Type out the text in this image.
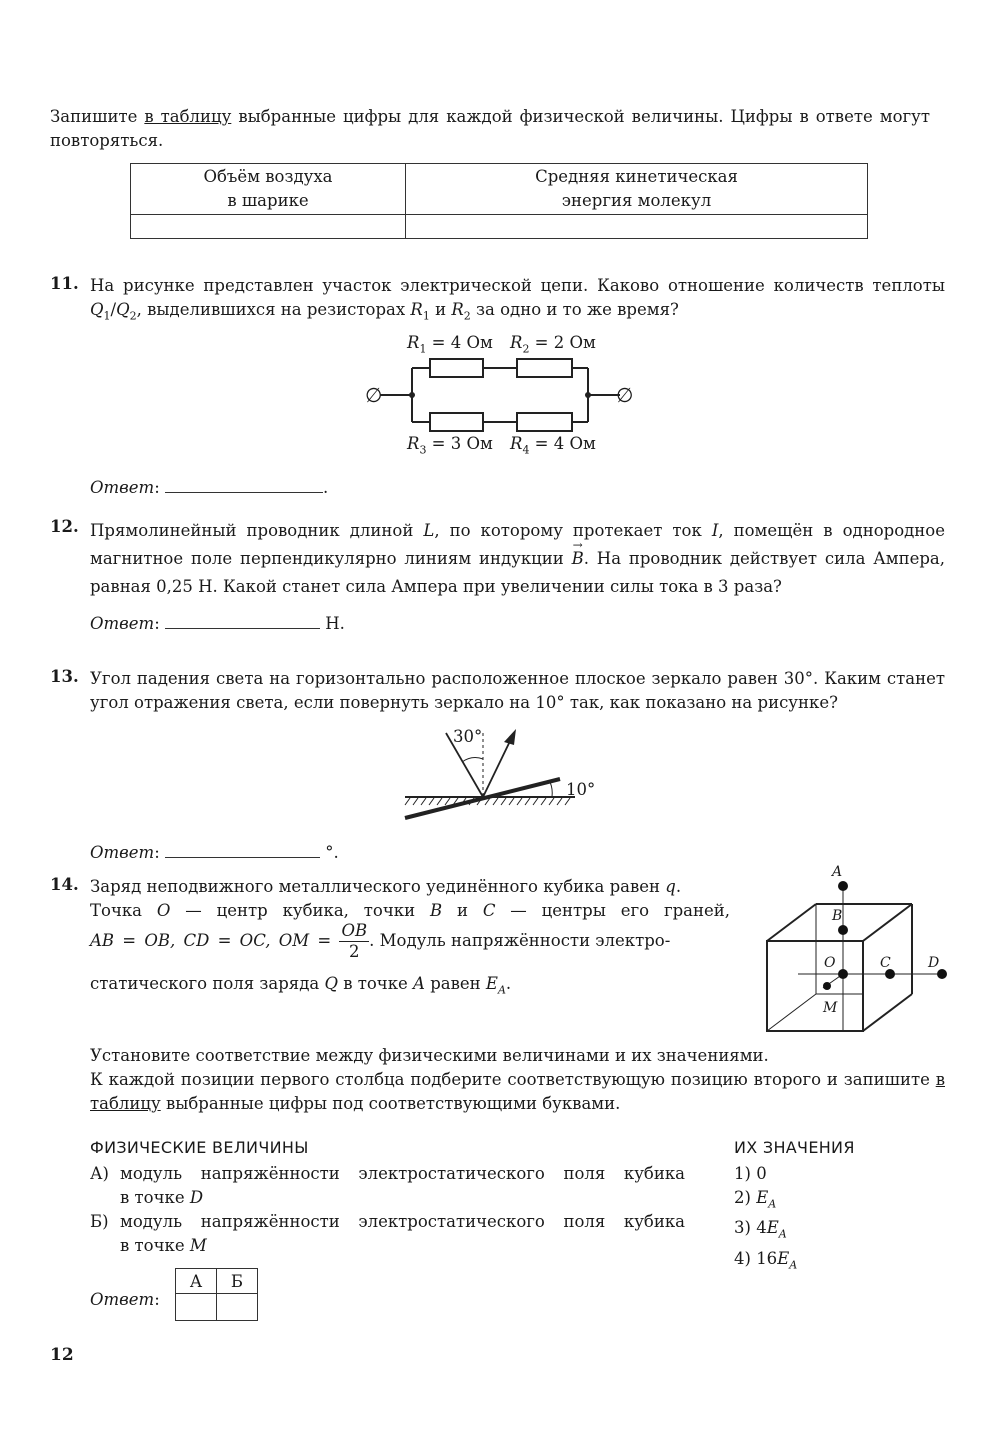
Запишите в таблицу выбранные цифры для каждой физической величины. Цифры в ответе могут повторяться.
Объём воздуха
в шарике	Средняя кинетическая
энергия молекул

11. На рисунке представлен участок электрической цепи. Каково отношение количеств теплоты $Q_1/Q_2$, выделившихся на резисторах $R_1$ и $R_2$ за одно и то же время?
$R_1 = 4$ Ом $R_2 = 2$ Ом
$R_3 = 3$ Ом $R_4 = 4$ Ом
∅	∅
Ответ:	.
12. Прямолинейный проводник длиной L, по которому протекает ток I, помещён в однородное магнитное поле перпендикулярно линиям индукции
→
B. На проводник действует сила Ампера, равная 0,25 Н. Какой станет сила Ампера при увеличении силы тока в 3 раза?
Ответ:	Н.
13. Угол падения света на горизонтально расположенное плоское зеркало равен 30°. Каким станет угол отражения света, если повернуть зеркало на 10° так, как показано на рисунке?
30°
10°
Ответ:	°.
14. Заряд неподвижного металлического уединённого кубика равен q.
Точка O — центр кубика, точки B и C — центры его граней,
AB = OB, CD = OC, OM = $\frac{OB}{2}$ . Модуль напряжённости электро-
статического поля заряда Q в точке A равен $E_A$.
A
B
O	C	D
M
Установите соответствие между физическими величинами и их значениями.
К каждой позиции первого столбца подберите соответствующую позицию второго и запишите в таблицу выбранные цифры под соответствующими буквами.
ФИЗИЧЕСКИЕ ВЕЛИЧИНЫ	ИХ ЗНАЧЕНИЯ
А) модуль напряжённости электростатического поля кубика
в точке D
Б) модуль напряжённости электростатического поля кубика
в точке M
1) 0
2) $E_A$
3) $4E_A$
4) $16E_A$
Ответ:
А	Б

12
